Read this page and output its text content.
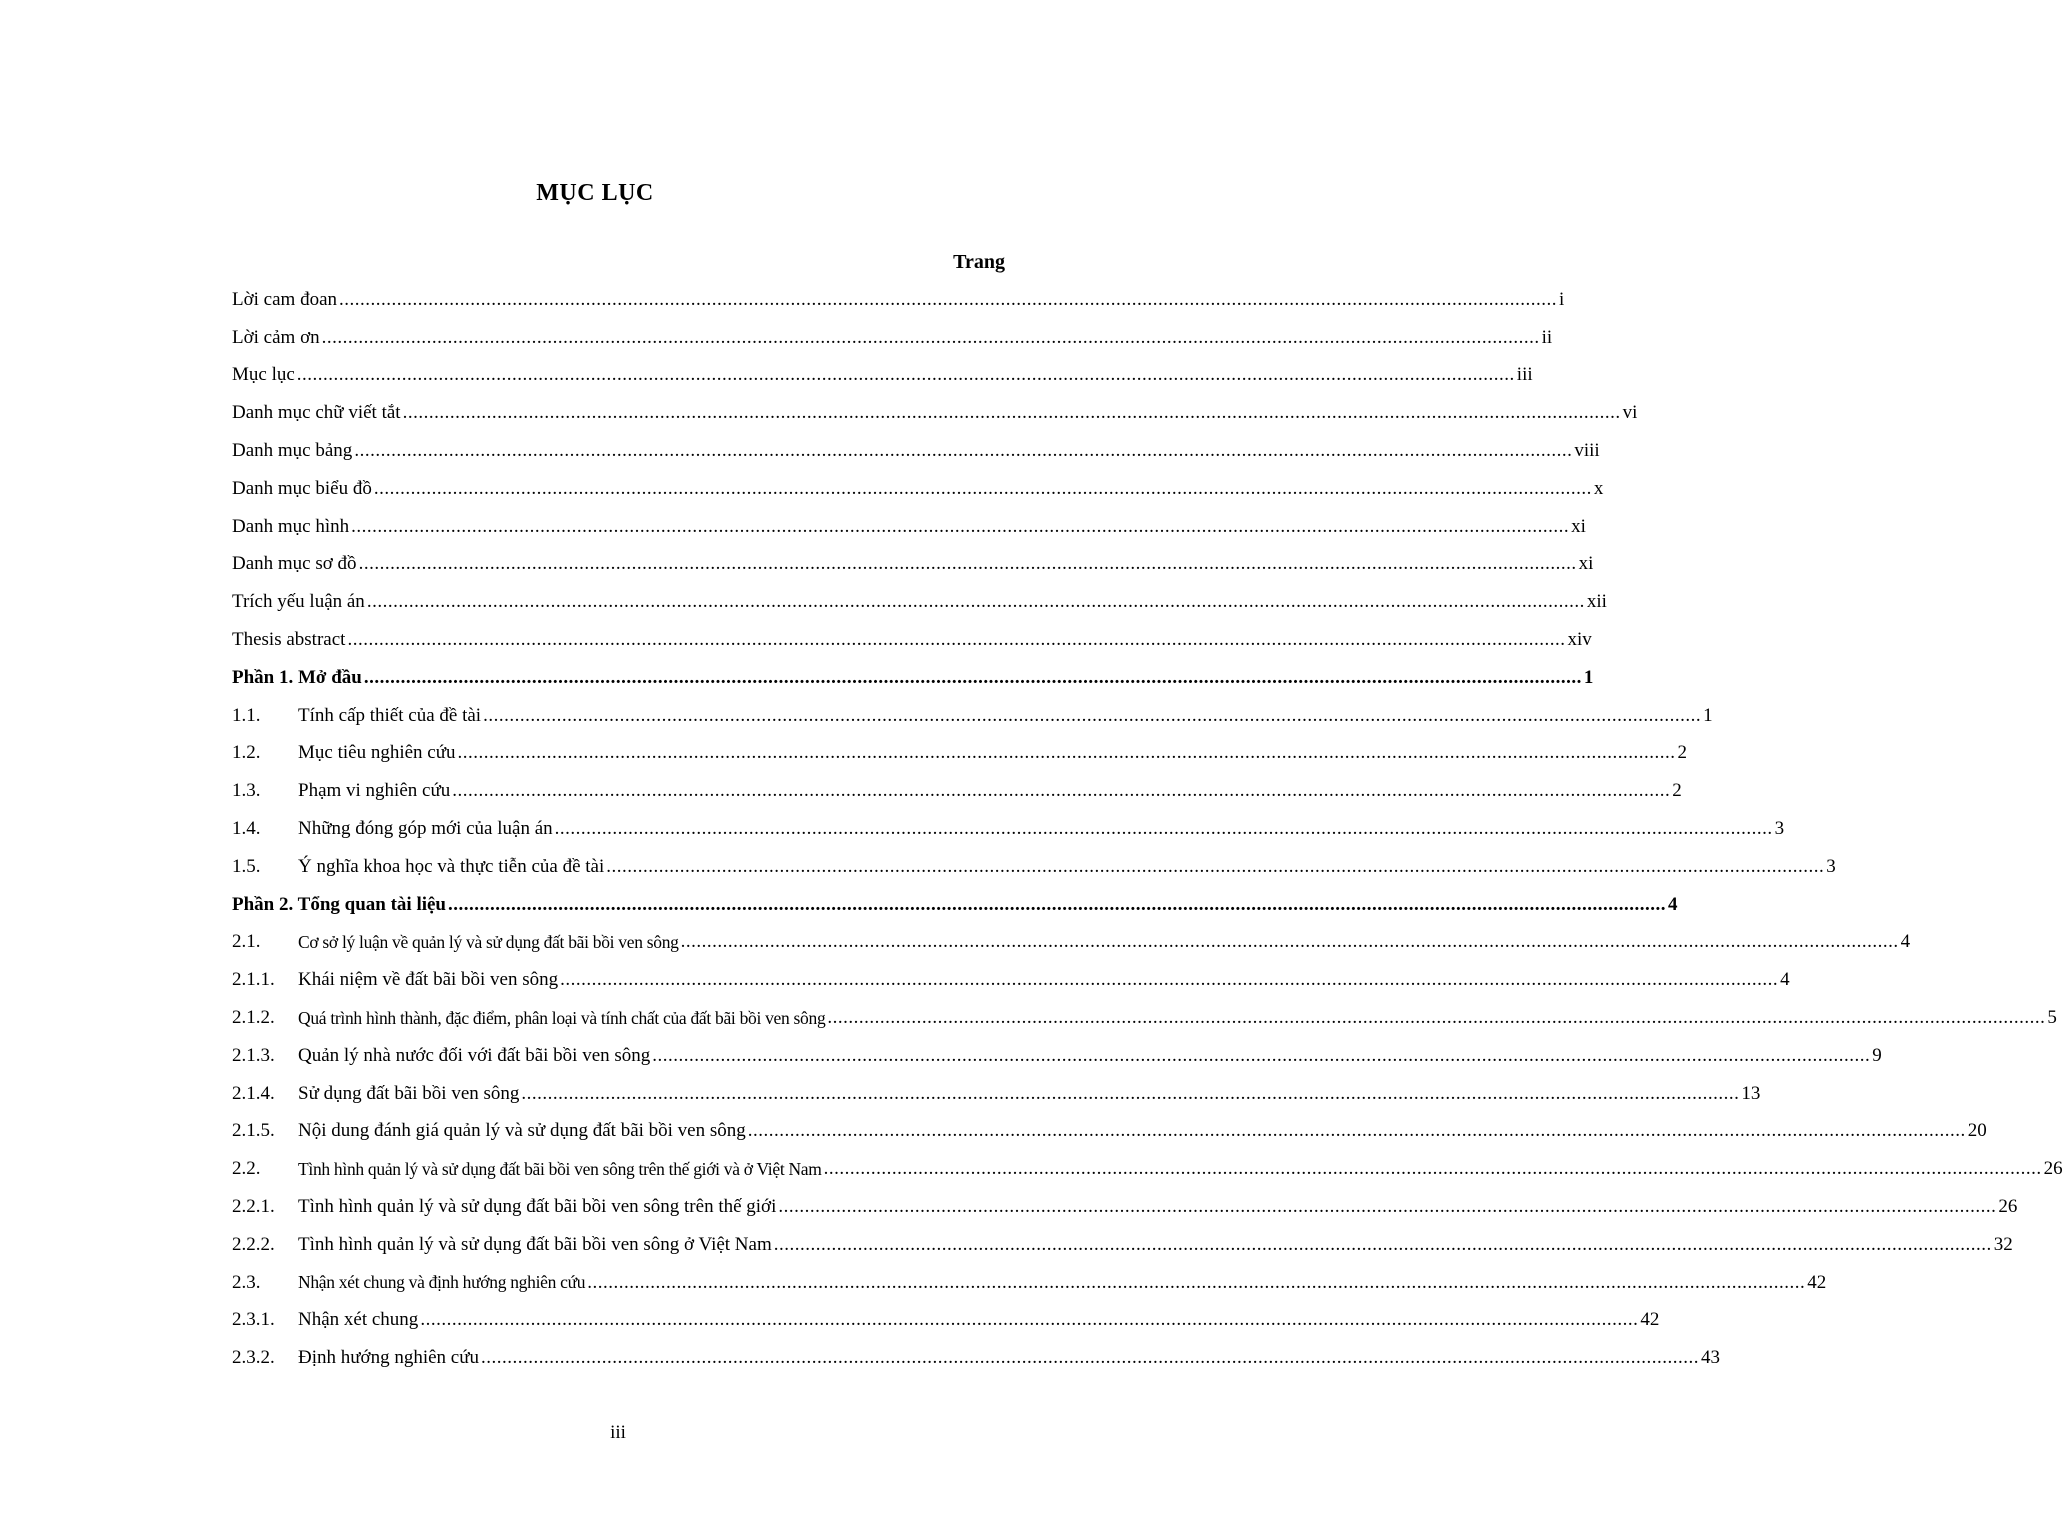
MỤC LỤC
Trang
Lời cam đoan .....	i
Lời cảm ơn .....	ii
Mục lục .....	iii
Danh mục chữ viết tắt .....	vi
Danh mục bảng .....	viii
Danh mục biểu đồ .....	x
Danh mục hình .....	xi
Danh mục sơ đồ .....	xi
Trích yếu luận án .....	xii
Thesis abstract .....	xiv
Phần 1. Mở đầu .....	1
1.1.	Tính cấp thiết của đề tài .....	1
1.2.	Mục tiêu nghiên cứu .....	2
1.3.	Phạm vi nghiên cứu .....	2
1.4.	Những đóng góp mới của luận án .....	3
1.5.	Ý nghĩa khoa học và thực tiễn của đề tài .....	3
Phần 2. Tổng quan tài liệu .....	4
2.1.	Cơ sở lý luận về quản lý và sử dụng đất bãi bồi ven sông .....	4
2.1.1.	Khái niệm về đất bãi bồi ven sông .....	4
2.1.2.	Quá trình hình thành, đặc điểm, phân loại và tính chất của đất bãi bồi ven sông .....	5
2.1.3.	Quản lý nhà nước đối với đất bãi bồi ven sông .....	9
2.1.4.	Sử dụng đất bãi bồi ven sông .....	13
2.1.5.	Nội dung đánh giá quản lý và sử dụng đất bãi bồi ven sông .....	20
2.2.	Tình hình quản lý và sử dụng đất bãi bồi ven sông trên thế giới và ở Việt Nam .....	26
2.2.1.	Tình hình quản lý và sử dụng đất bãi bồi ven sông trên thế giới .....	26
2.2.2.	Tình hình quản lý và sử dụng đất bãi bồi ven sông ở Việt Nam .....	32
2.3.	Nhận xét chung và định hướng nghiên cứu .....	42
2.3.1.	Nhận xét chung .....	42
2.3.2.	Định hướng nghiên cứu .....	43
iii
